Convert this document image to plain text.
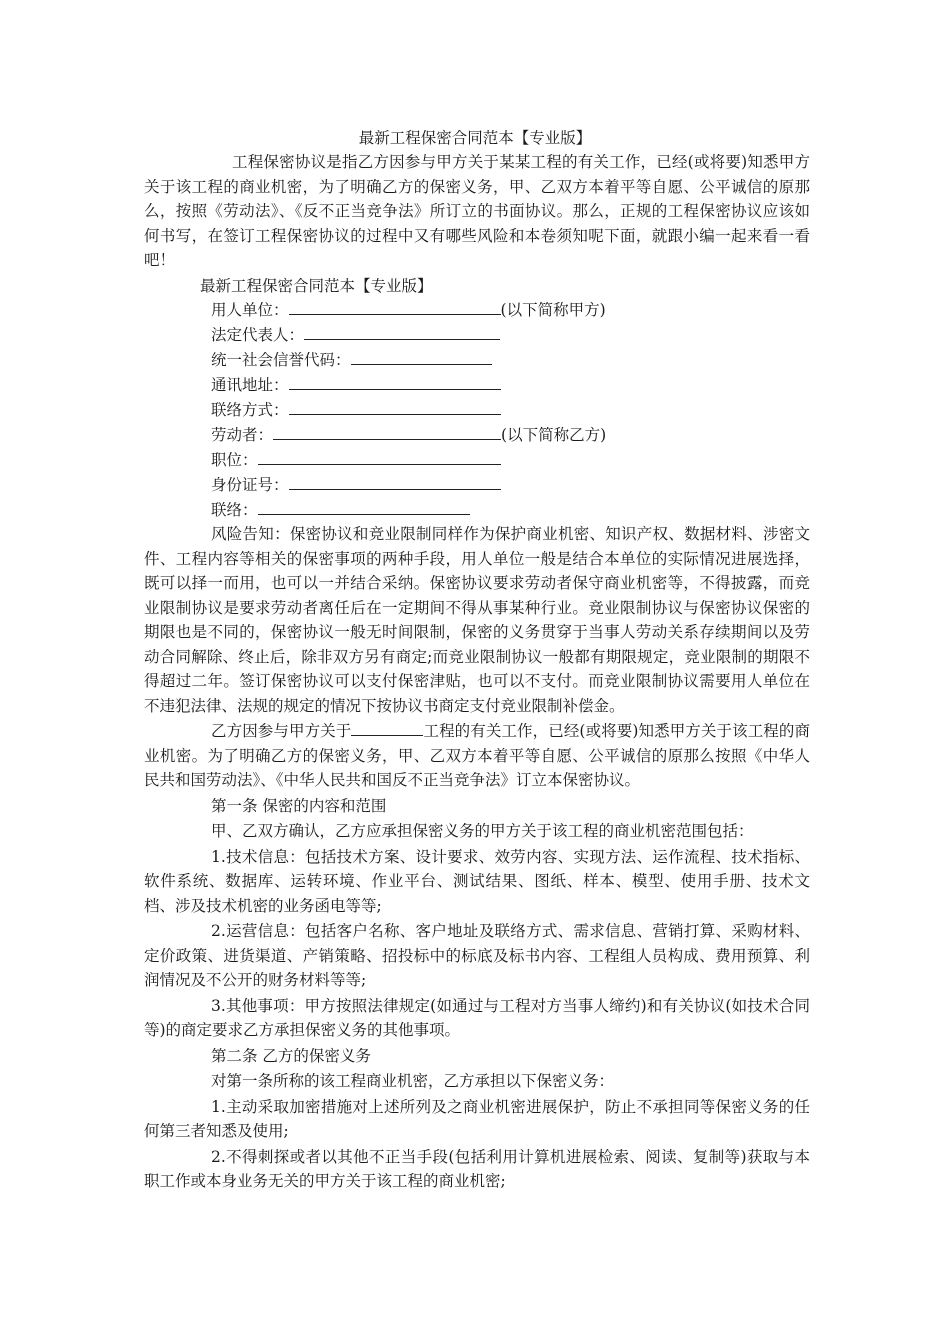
最新工程保密合同范本【专业版】
工程保密协议是指乙方因参与甲方关于某某工程的有关工作，已经(或将要)知悉甲方关于该工程的商业机密，为了明确乙方的保密义务，甲、乙双方本着平等自愿、公平诚信的原那么，按照《劳动法》、《反不正当竞争法》所订立的书面协议。那么，正规的工程保密协议应该如何书写，在签订工程保密协议的过程中又有哪些风险和本卷须知呢下面，就跟小编一起来看一看吧！
最新工程保密合同范本【专业版】
用人单位：	(以下简称甲方)
法定代表人：
统一社会信誉代码：
通讯地址：
联络方式：
劳动者：	(以下简称乙方)
职位：
身份证号：
联络：

风险告知：保密协议和竞业限制同样作为保护商业机密、知识产权、数据材料、涉密文件、工程内容等相关的保密事项的两种手段，用人单位一般是结合本单位的实际情况进展选择，既可以择一而用，也可以一并结合采纳。保密协议要求劳动者保守商业机密等，不得披露，而竞业限制协议是要求劳动者离任后在一定期间不得从事某种行业。竞业限制协议与保密协议保密的期限也是不同的，保密协议一般无时间限制，保密的义务贯穿于当事人劳动关系存续期间以及劳动合同解除、终止后，除非双方另有商定;而竞业限制协议一般都有期限规定，竞业限制的期限不得超过二年。签订保密协议可以支付保密津贴，也可以不支付。而竞业限制协议需要用人单位在不违犯法律、法规的规定的情况下按协议书商定支付竞业限制补偿金。

乙方因参与甲方关于	工程的有关工作，已经(或将要)知悉甲方关于该工程的商业机密。为了明确乙方的保密义务，甲、乙双方本着平等自愿、公平诚信的原那么按照《中华人民共和国劳动法》、《中华人民共和国反不正当竞争法》订立本保密协议。

第一条 保密的内容和范围

甲、乙双方确认，乙方应承担保密义务的甲方关于该工程的商业机密范围包括：

1.技术信息：包括技术方案、设计要求、效劳内容、实现方法、运作流程、技术指标、软件系统、数据库、运转环境、作业平台、测试结果、图纸、样本、模型、使用手册、技术文档、涉及技术机密的业务函电等等;

2.运营信息：包括客户名称、客户地址及联络方式、需求信息、营销打算、采购材料、定价政策、进货渠道、产销策略、招投标中的标底及标书内容、工程组人员构成、费用预算、利润情况及不公开的财务材料等等;

3.其他事项：甲方按照法律规定(如通过与工程对方当事人缔约)和有关协议(如技术合同等)的商定要求乙方承担保密义务的其他事项。

第二条 乙方的保密义务

对第一条所称的该工程商业机密，乙方承担以下保密义务：

1.主动采取加密措施对上述所列及之商业机密进展保护，防止不承担同等保密义务的任何第三者知悉及使用;

2.不得刺探或者以其他不正当手段(包括利用计算机进展检索、阅读、复制等)获取与本职工作或本身业务无关的甲方关于该工程的商业机密;
